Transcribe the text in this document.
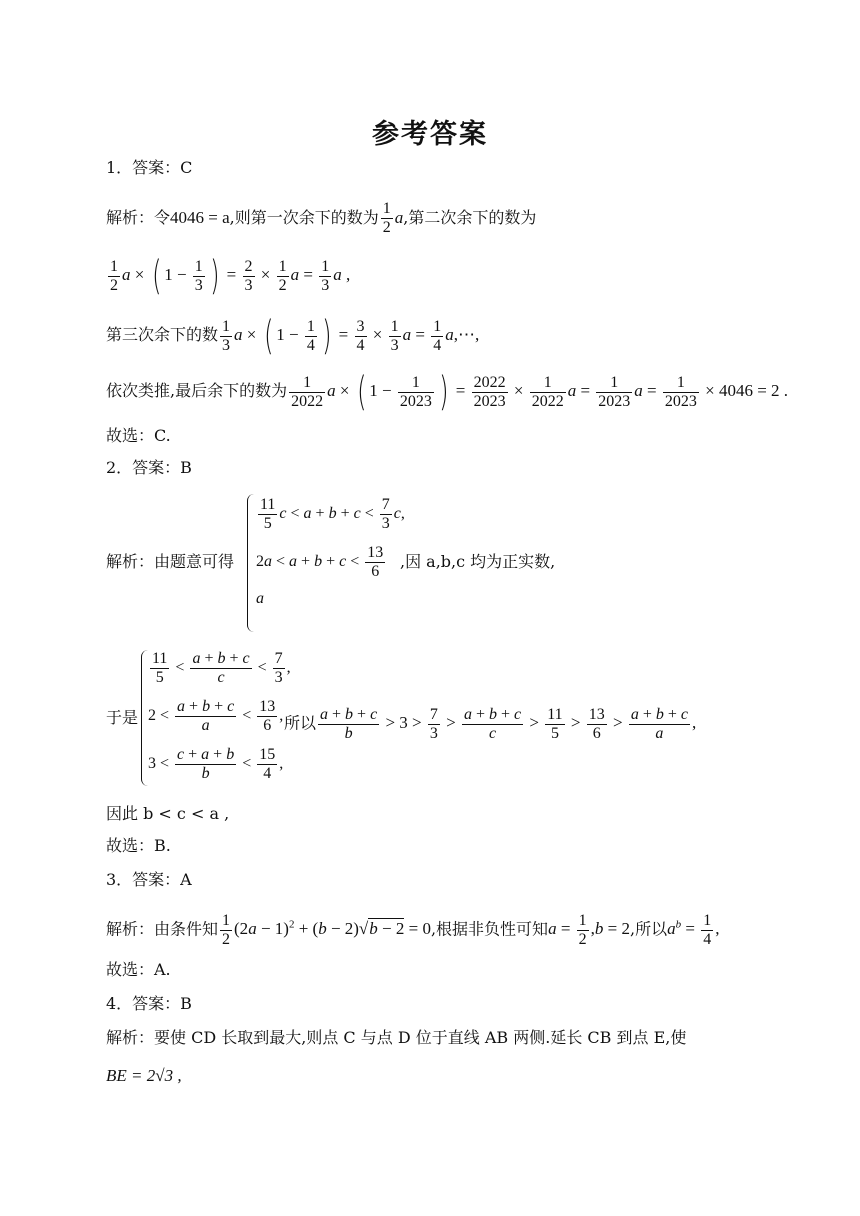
参考答案
1．答案：C
解析：令4046 = a,则第一次余下的数为 $\frac{1}{2} a$,第二次余下的数为
$\frac{1}{2}$ a × ( $1 - \frac{1}{3}$ ) = $\frac{2}{3} \times \frac{1}{2}$ $a = \frac{1}{3}$ a ,
第三次余下的数 $\frac{1}{3}$ a × ( $1 - \frac{1}{4}$ ) = $\frac{3}{4} \times \frac{1}{3}$ $a = \frac{1}{4}$ a,⋯,
依次类推,最后余下的数为 $\frac{1}{2022}$ a × ( $1 - \frac{1}{2023}$ ) = $\frac{2022}{2023} \times \frac{1}{2022}$ $a = \frac{1}{2023}$ $a = \frac{1}{2023} \times 4046 = 2$ .
故选：C.
2．答案：B
解析：由题意可得
$\frac{11}{5}$ $c < a + b + c < \frac{7}{3} c$,
$2a < a + b + c < \frac{13}{6}$
a
,因 a,b,c 均为正实数,
于是
$\frac{11}{5} < \frac{a + b + c}{c} < \frac{7}{3}$ ,
$2 < \frac{a + b + c}{a} < \frac{13}{6}$ ,
$3 < \frac{c + a + b}{b} < \frac{15}{4}$ ,
所以 $\frac{a + b + c}{b} > 3 > \frac{7}{3} > \frac{a + b + c}{c} > \frac{11}{5} > \frac{13}{6} > \frac{a + b + c}{a}$ ,
因此 b < c < a ,
故选：B.
3．答案：A
解析：由条件知 $\frac{1}{2} (2a - 1)^2 + (b - 2)√b - 2 = 0$,根据非负性可知$a = \frac{1}{2} ,b = 2$,所以$a^b = \frac{1}{4}$ ,
故选：A.
4．答案：B
解析：要使 CD 长取到最大,则点 C 与点 D 位于直线 AB 两侧.延长 CB 到点 E,使
BE = 2√3 ,
